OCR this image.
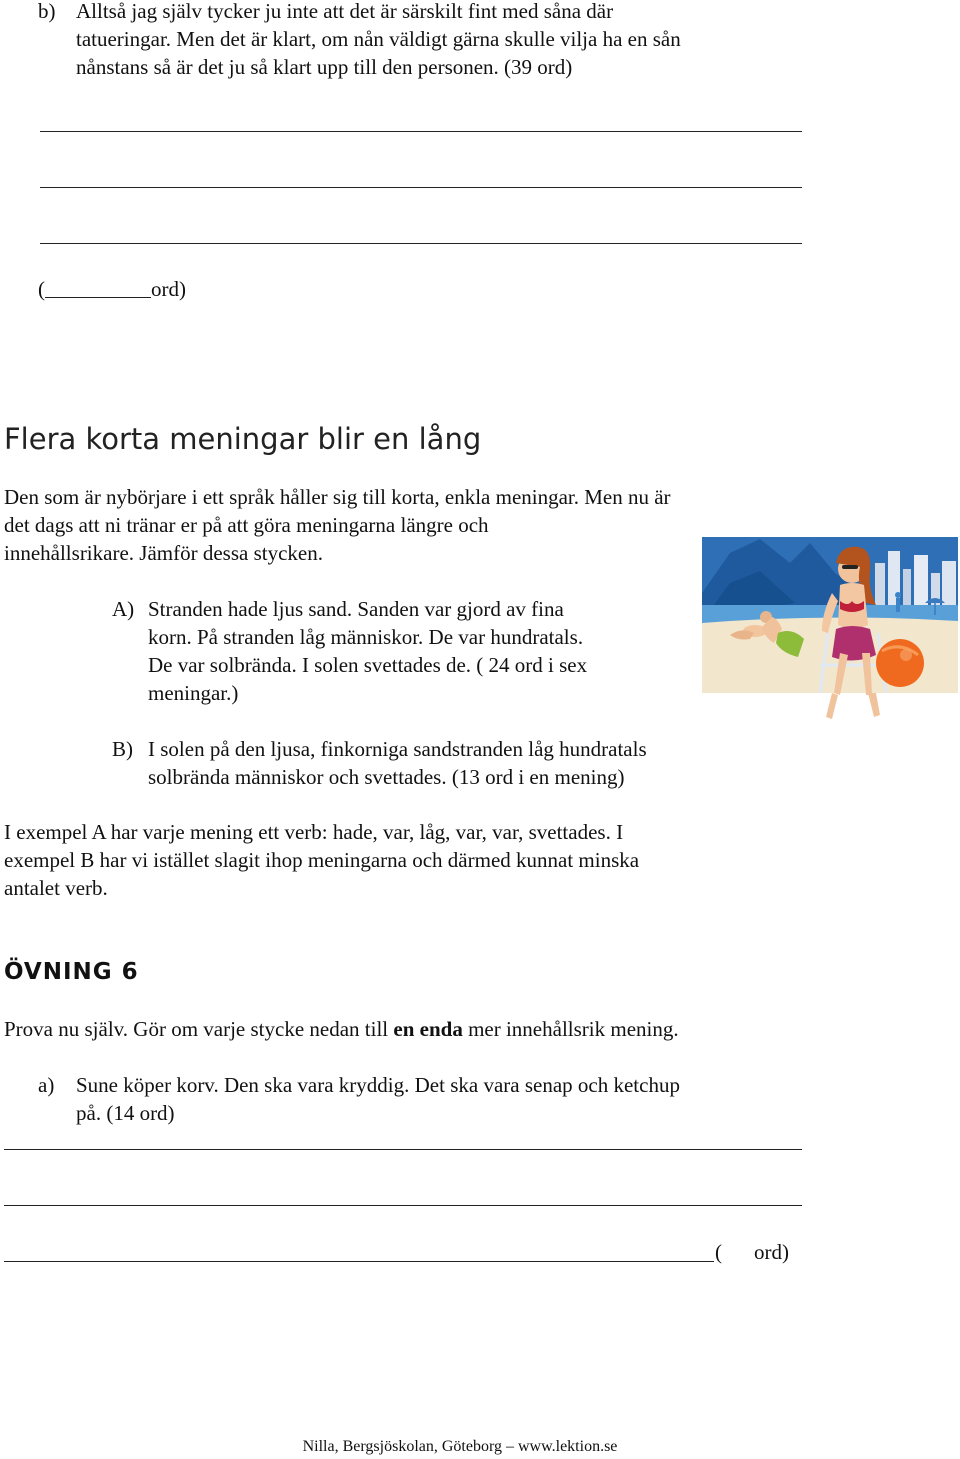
b) Alltså jag själv tycker ju inte att det är särskilt fint med såna där
tatueringar. Men det är klart, om nån väldigt gärna skulle vilja ha en sån
nånstans så är det ju så klart upp till den personen. (39 ord)
(	ord)
Flera korta meningar blir en lång
Den som är nybörjare i ett språk håller sig till korta, enkla meningar. Men nu är
det dags att ni tränar er på att göra meningarna längre och
innehållsrikare. Jämför dessa stycken.
A) Stranden hade ljus sand. Sanden var gjord av fina
korn. På stranden låg människor. De var hundratals.
De var solbrända. I solen svettades de. ( 24 ord i sex
meningar.)
B) I solen på den ljusa, finkorniga sandstranden låg hundratals
solbrända människor och svettades. (13 ord i en mening)
I exempel A har varje mening ett verb: hade, var, låg, var, var, svettades. I
exempel B har vi istället slagit ihop meningarna och därmed kunnat minska
antalet verb.
ÖVNING 6
Prova nu själv. Gör om varje stycke nedan till en enda mer innehållsrik mening.
a) Sune köper korv. Den ska vara kryddig. Det ska vara senap och ketchup
på. (14 ord)
( ord)
Nilla, Bergsjöskolan, Göteborg – www.lektion.se
